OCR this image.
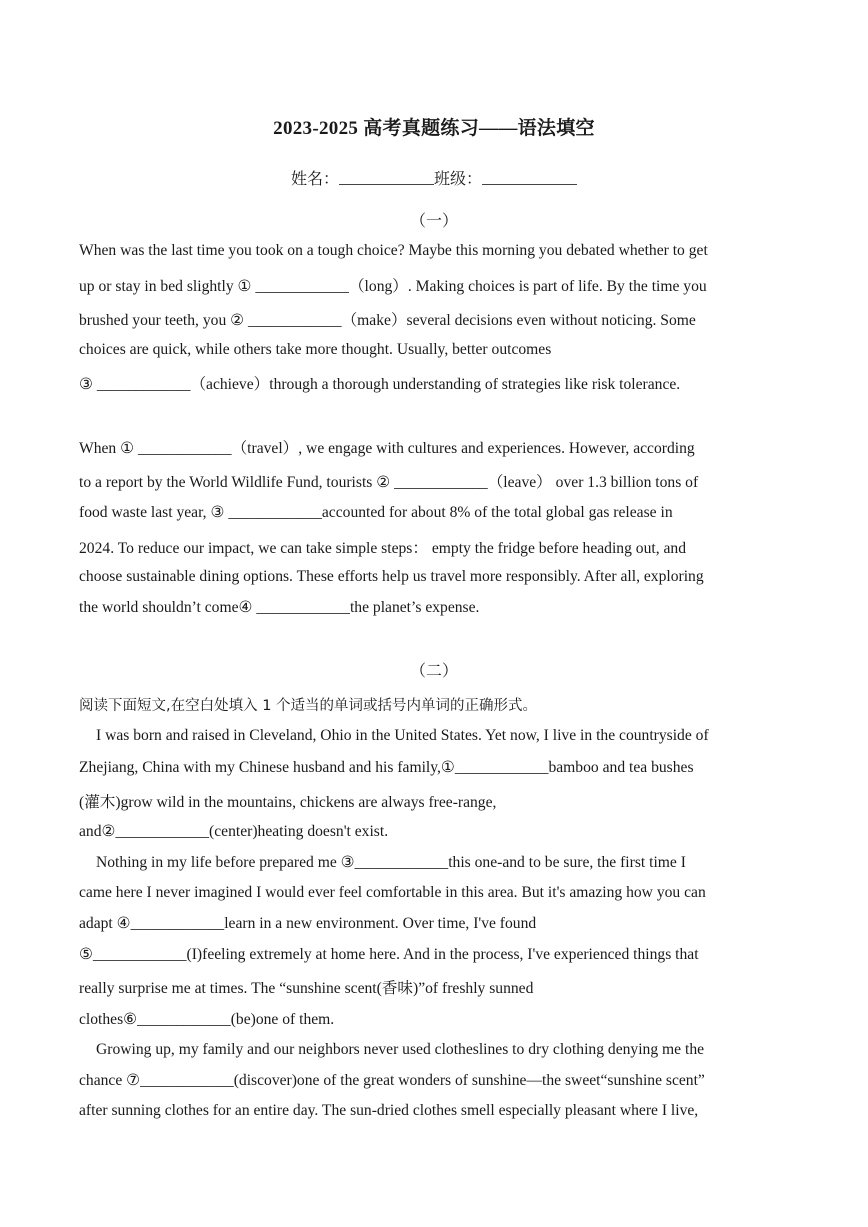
2023-2025 高考真题练习——语法填空
姓名：	班级：
（一）
When was the last time you took on a tough choice? Maybe this morning you debated whether to get
up or stay in bed slightly ① ____________（long）. Making choices is part of life. By the time you
brushed your teeth, you ② ____________（make）several decisions even without noticing. Some
choices are quick, while others take more thought. Usually, better outcomes
③ ____________（achieve）through a thorough understanding of strategies like risk tolerance.
When ① ____________（travel）, we engage with cultures and experiences. However, according
to a report by the World Wildlife Fund, tourists ② ____________（leave） over 1.3 billion tons of
food waste last year, ③ ____________accounted for about 8% of the total global gas release in
2024. To reduce our impact, we can take simple steps： empty the fridge before heading out, and
choose sustainable dining options. These efforts help us travel more responsibly. After all, exploring
the world shouldn’t come④ ____________the planet’s expense.
（二）
阅读下面短文,在空白处填入 1 个适当的单词或括号内单词的正确形式。
I was born and raised in Cleveland, Ohio in the United States. Yet now, I live in the countryside of
Zhejiang, China with my Chinese husband and his family,①____________bamboo and tea bushes
(灌木)grow wild in the mountains, chickens are always free-range,
and②____________(center)heating doesn't exist.
Nothing in my life before prepared me ③____________this one-and to be sure, the first time I
came here I never imagined I would ever feel comfortable in this area. But it's amazing how you can
adapt ④____________learn in a new environment. Over time, I've found
⑤____________(I)feeling extremely at home here. And in the process, I've experienced things that
really surprise me at times. The “sunshine scent(香味)”of freshly sunned
clothes⑥____________(be)one of them.
Growing up, my family and our neighbors never used clotheslines to dry clothing denying me the
chance ⑦____________(discover)one of the great wonders of sunshine—the sweet“sunshine scent”
after sunning clothes for an entire day. The sun-dried clothes smell especially pleasant where I live,
